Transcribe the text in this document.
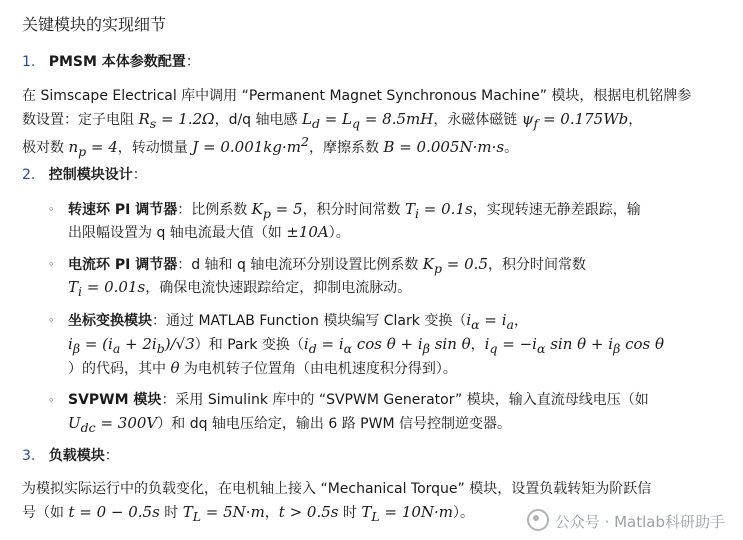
关键模块的实现细节
1. PMSM 本体参数配置：
在 Simscape Electrical 库中调用 “Permanent Magnet Synchronous Machine” 模块，根据电机铭牌参
数设置：定子电阻 $R_s = 1.2\Omega$，d/q 轴电感 $L_d = L_q = 8.5mH$，永磁体磁链 $\psi_f = 0.175Wb$，
极对数 $n_p = 4$，转动惯量 $J = 0.001kg\cdot m^2$，摩擦系数 B = 0.005N·m·s。
2. 控制模块设计：
◦ 转速环 PI 调节器：比例系数 $K_p = 5$，积分时间常数 $T_i = 0.1s$，实现转速无静差跟踪，输
出限幅设置为 q 轴电流最大值（如 ±10A）。
◦ 电流环 PI 调节器：d 轴和 q 轴电流环分别设置比例系数 $K_p = 0.5$，积分时间常数
$T_i = 0.01s$，确保电流快速跟踪给定，抑制电流脉动。
◦ 坐标变换模块：通过 MATLAB Function 模块编写 Clark 变换（$i_\alpha = i_a$，
$i_\beta = (i_a + 2i_b)/√3$）和 Park 变换（$i_d = i_\alpha$ $\cos \theta + i_\beta$ sin θ，$i_q = -i_\alpha$ $\sin \theta + i_\beta$ cos θ
）的代码，其中 θ 为电机转子位置角（由电机速度积分得到）。
◦ SVPWM 模块：采用 Simulink 库中的 “SVPWM Generator” 模块，输入直流母线电压（如
$U_{dc} = 300V$）和 dq 轴电压给定，输出 6 路 PWM 信号控制逆变器。
3. 负载模块：
为模拟实际运行中的负载变化，在电机轴上接入 “Mechanical Torque” 模块，设置负载转矩为阶跃信
号（如 t = 0 − 0.5s 时 $T_L = 5N\cdot m$，t > 0.5s 时 $T_L = 10N\cdot m$）。	公众号 · Matlab科研助手
